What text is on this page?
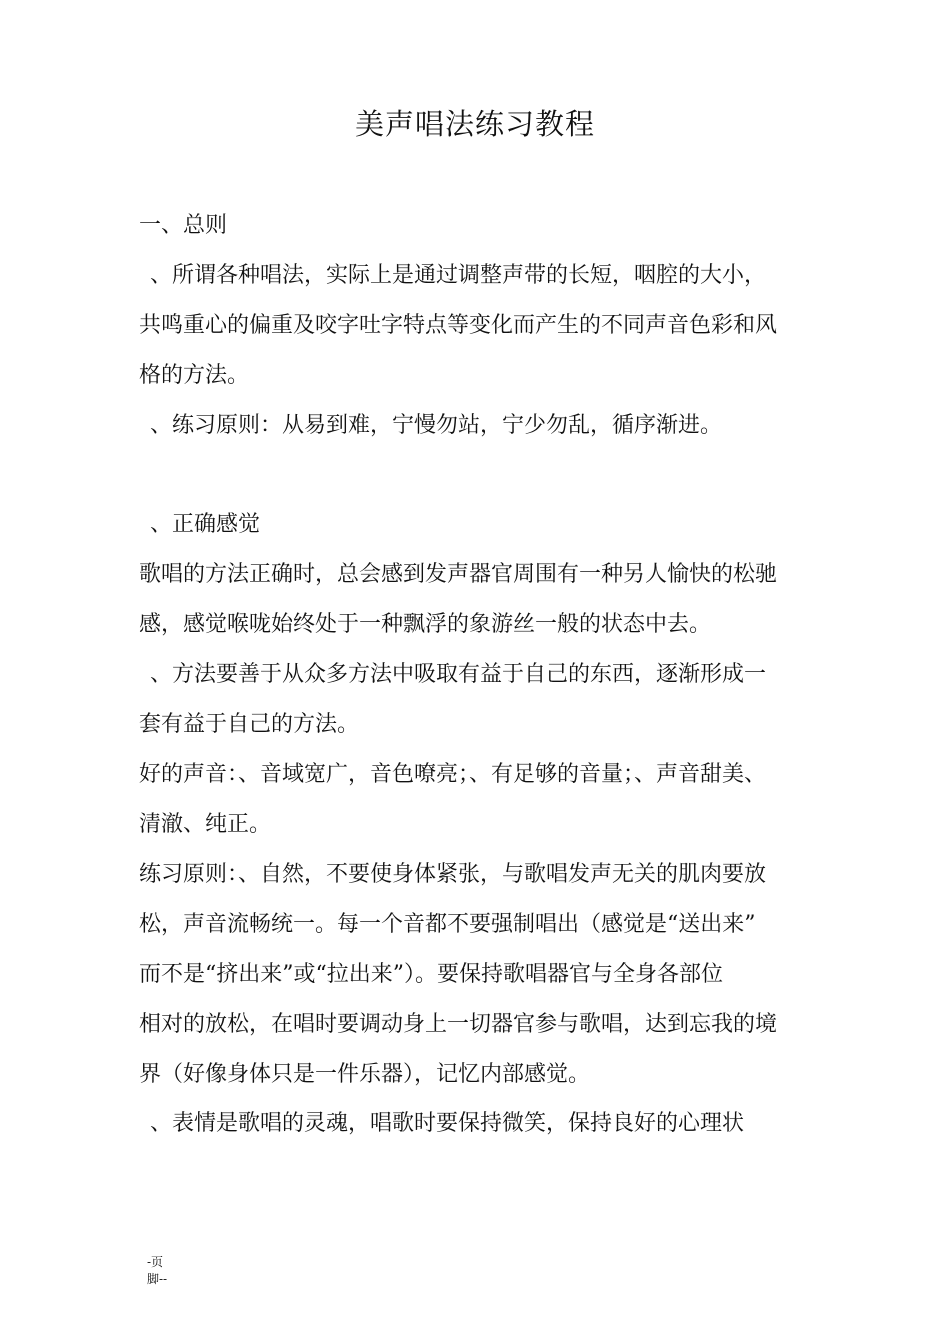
美声唱法练习教程
一、总则
、所谓各种唱法，实际上是通过调整声带的长短，咽腔的大小，
共鸣重心的偏重及咬字吐字特点等变化而产生的不同声音色彩和风
格的方法。
、练习原则：从易到难，宁慢勿站，宁少勿乱，循序渐进。
、正确感觉
歌唱的方法正确时，总会感到发声器官周围有一种另人愉快的松驰
感，感觉喉咙始终处于一种飘浮的象游丝一般的状态中去。
、方法要善于从众多方法中吸取有益于自己的东西，逐渐形成一
套有益于自己的方法。
好的声音：、音域宽广，音色嘹亮；、有足够的音量；、声音甜美、
清澈、纯正。
练习原则：、自然，不要使身体紧张，与歌唱发声无关的肌肉要放
松，声音流畅统一。每一个音都不要强制唱出（感觉是“送出来”
而不是“挤出来”或“拉出来”）。要保持歌唱器官与全身各部位
相对的放松，在唱时要调动身上一切器官参与歌唱，达到忘我的境
界（好像身体只是一件乐器），记忆内部感觉。
、表情是歌唱的灵魂，唱歌时要保持微笑，保持良好的心理状
-页
脚--
